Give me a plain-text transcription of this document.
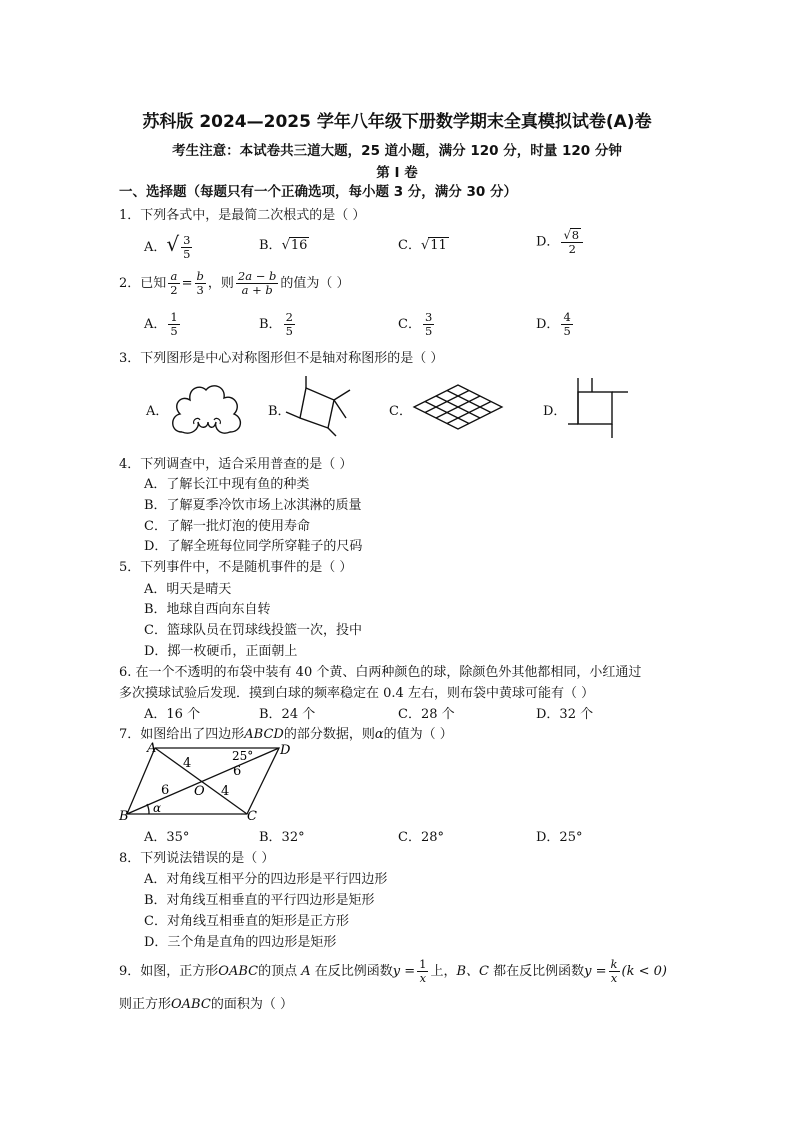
苏科版 2024—2025 学年八年级下册数学期末全真模拟试卷(A)卷
考生注意：本试卷共三道大题，25 道小题，满分 120 分，时量 120 分钟
第 I 卷
一、选择题（每题只有一个正确选项，每小题 3 分，满分 30 分）
1．下列各式中，是最简二次根式的是（ ）
A．√ $\frac{3}{5}$	B．√16	C．√11	D． $\frac{√8}{2}$
2．已知 $\frac{a}{2} = \frac{b}{3}$ ，则 $\frac{2a - b}{a + b}$ 的值为（ ）
A． $\frac{1}{5}$	B． $\frac{2}{5}$	C． $\frac{3}{5}$	D． $\frac{4}{5}$
3．下列图形是中心对称图形但不是轴对称图形的是（ ）
A．	B．	C．	D．
4．下列调查中，适合采用普查的是（ ）
A．了解长江中现有鱼的种类
B．了解夏季冷饮市场上冰淇淋的质量
C．了解一批灯泡的使用寿命
D．了解全班每位同学所穿鞋子的尺码
5．下列事件中，不是随机事件的是（ ）
A．明天是晴天
B．地球自西向东自转
C．篮球队员在罚球线投篮一次，投中
D．掷一枚硬币，正面朝上
6. 在一个不透明的布袋中装有 40 个黄、白两种颜色的球，除颜色外其他都相同，小红通过
多次摸球试验后发现．摸到白球的频率稳定在 0.4 左右，则布袋中黄球可能有（ ）
A．16 个	B．24 个	C．28 个	D．32 个
7．如图给出了四边形ABCD的部分数据，则α的值为（ ）
A	D
B	C
O
25°
α
4
6
6	4
A．35°	B．32°	C．28°	D．25°
8．下列说法错误的是（ ）
A．对角线互相平分的四边形是平行四边形
B．对角线互相垂直的平行四边形是矩形
C．对角线互相垂直的矩形是正方形
D．三个角是直角的四边形是矩形
9．如图，正方形OABC的顶点 A 在反比例函数$y = \frac{1}{x}$ 上，B、C 都在反比例函数$y = \frac{k}{x} (k < 0)$
则正方形OABC的面积为（ ）
